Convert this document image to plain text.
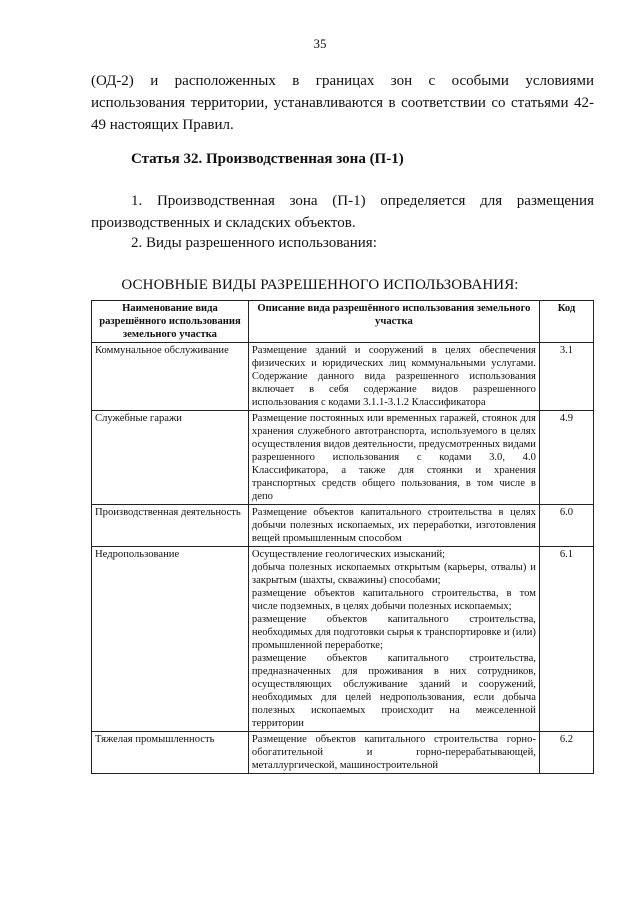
35
(ОД-2) и расположенных в границах зон с особыми условиями
использования территории, устанавливаются в соответствии со статьями 42-
49 настоящих Правил.
Статья 32. Производственная зона (П-1)
1. Производственная зона (П-1) определяется для размещения
производственных и складских объектов.
2. Виды разрешенного использования:
ОСНОВНЫЕ ВИДЫ РАЗРЕШЕННОГО ИСПОЛЬЗОВАНИЯ:
Наименование вида разрешённого использования земельного участка	Описание вида разрешённого использования земельного участка	Код
Коммунальное обслуживание	Размещение зданий и сооружений в целях обеспечения физических и юридических лиц коммунальными услугами. Содержание данного вида разрешенного использования включает в себя содержание видов разрешенного использования с кодами 3.1.1-3.1.2 Классификатора	3.1
Служебные гаражи	Размещение постоянных или временных гаражей, стоянок для хранения служебного автотранспорта, используемого в целях осуществления видов деятельности, предусмотренных видами разрешенного использования с кодами 3.0, 4.0 Классификатора, а также для стоянки и хранения транспортных средств общего пользования, в том числе в депо	4.9
Производственная деятельность	Размещение объектов капитального строительства в целях добычи полезных ископаемых, их переработки, изготовления вещей промышленным способом	6.0
Недропользование	Осуществление геологических изысканий;
добыча полезных ископаемых открытым (карьеры, отвалы) и закрытым (шахты, скважины) способами;
размещение объектов капитального строительства, в том числе подземных, в целях добычи полезных ископаемых;
размещение объектов капитального строительства, необходимых для подготовки сырья к транспортировке и (или) промышленной переработке;
размещение объектов капитального строительства, предназначенных для проживания в них сотрудников, осуществляющих обслуживание зданий и сооружений, необходимых для целей недропользования, если добыча полезных ископаемых происходит на межселенной территории	6.1
Тяжелая промышленность	Размещение объектов капитального строительства горно-обогатительной и горно-перерабатывающей, металлургической, машиностроительной	6.2
